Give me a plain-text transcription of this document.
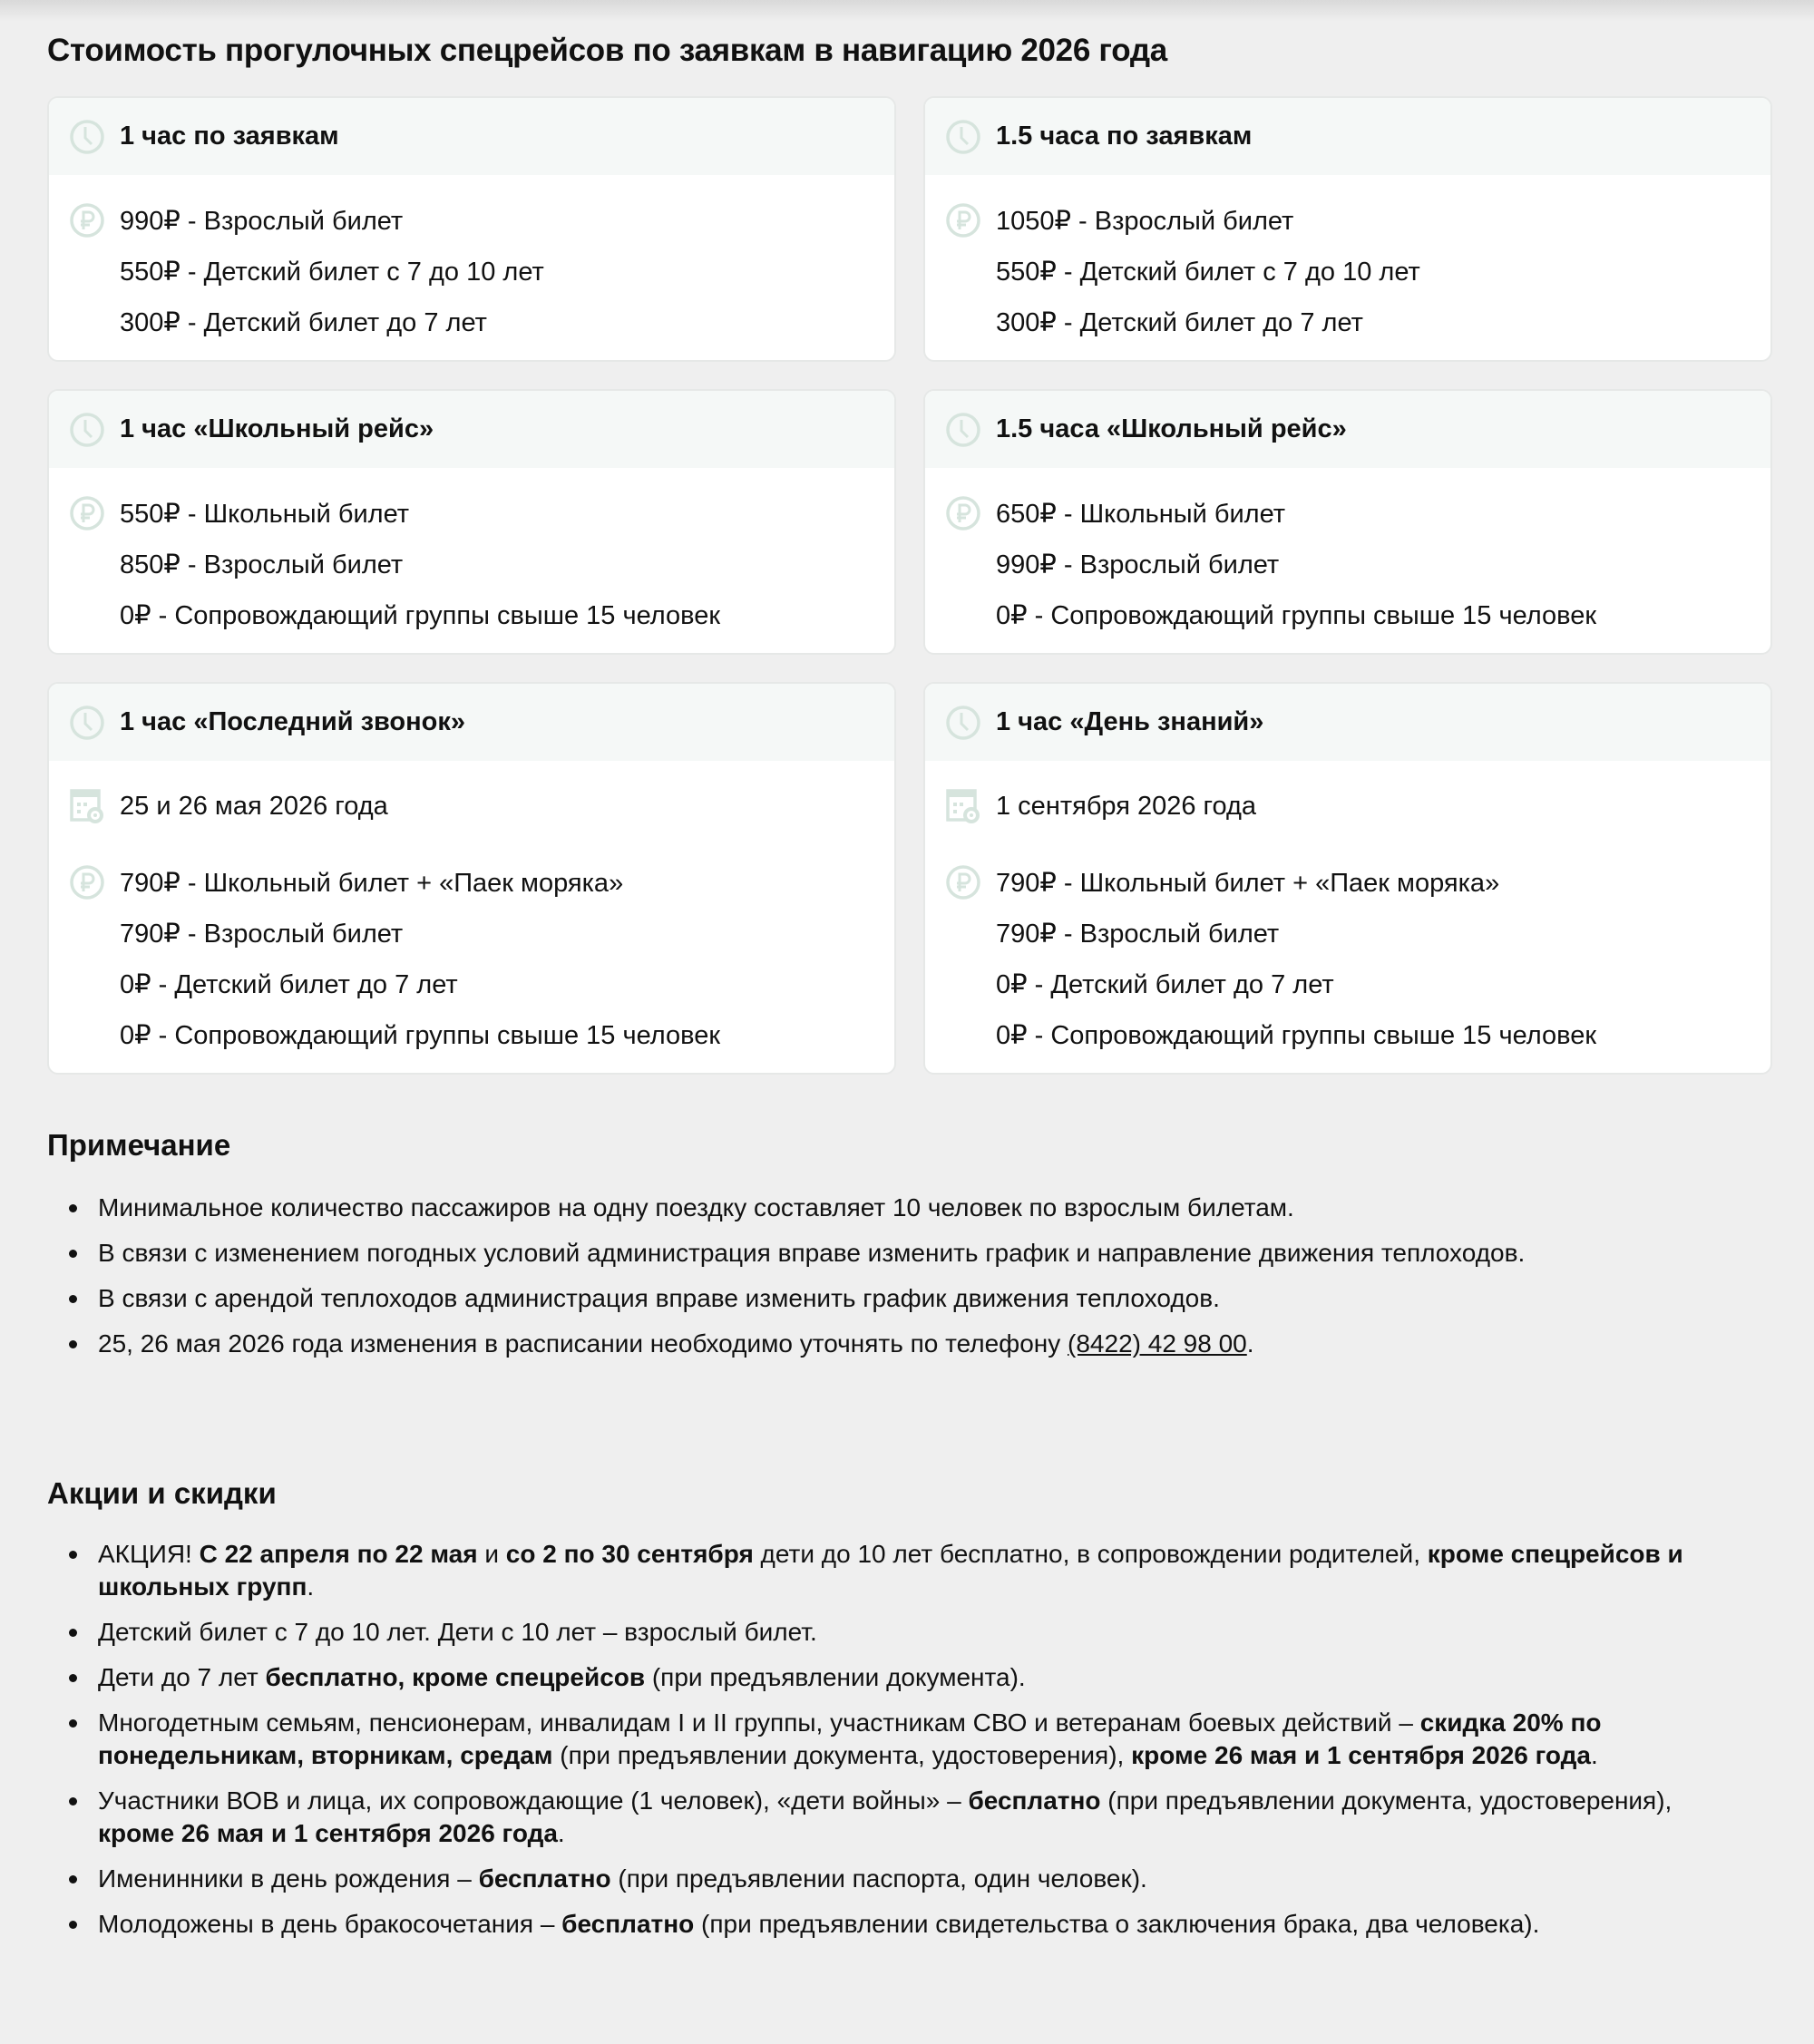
Стоимость прогулочных спецрейсов по заявкам в навигацию 2026 года
1 час по заявкам
990₽ - Взрослый билет
550₽ - Детский билет с 7 до 10 лет
300₽ - Детский билет до 7 лет
1.5 часа по заявкам
1050₽ - Взрослый билет
550₽ - Детский билет с 7 до 10 лет
300₽ - Детский билет до 7 лет
1 час «Школьный рейс»
550₽ - Школьный билет
850₽ - Взрослый билет
0₽ - Сопровождающий группы свыше 15 человек
1.5 часа «Школьный рейс»
650₽ - Школьный билет
990₽ - Взрослый билет
0₽ - Сопровождающий группы свыше 15 человек
1 час «Последний звонок»
25 и 26 мая 2026 года
790₽ - Школьный билет + «Паек моряка»
790₽ - Взрослый билет
0₽ - Детский билет до 7 лет
0₽ - Сопровождающий группы свыше 15 человек
1 час «День знаний»
1 сентября 2026 года
790₽ - Школьный билет + «Паек моряка»
790₽ - Взрослый билет
0₽ - Детский билет до 7 лет
0₽ - Сопровождающий группы свыше 15 человек
Примечание
Минимальное количество пассажиров на одну поездку составляет 10 человек по взрослым билетам.
В связи с изменением погодных условий администрация вправе изменить график и направление движения теплоходов.
В связи с арендой теплоходов администрация вправе изменить график движения теплоходов.
25, 26 мая 2026 года изменения в расписании необходимо уточнять по телефону (8422) 42 98 00.
Акции и скидки
АКЦИЯ! С 22 апреля по 22 мая и со 2 по 30 сентября дети до 10 лет бесплатно, в сопровождении родителей, кроме спецрейсов и школьных групп.
Детский билет с 7 до 10 лет. Дети с 10 лет – взрослый билет.
Дети до 7 лет бесплатно, кроме спецрейсов (при предъявлении документа).
Многодетным семьям, пенсионерам, инвалидам I и II группы, участникам СВО и ветеранам боевых действий – скидка 20% по понедельникам, вторникам, средам (при предъявлении документа, удостоверения), кроме 26 мая и 1 сентября 2026 года.
Участники ВОВ и лица, их сопровождающие (1 человек), «дети войны» – бесплатно (при предъявлении документа, удостоверения), кроме 26 мая и 1 сентября 2026 года.
Именинники в день рождения – бесплатно (при предъявлении паспорта, один человек).
Молодожены в день бракосочетания – бесплатно (при предъявлении свидетельства о заключения брака, два человека).
